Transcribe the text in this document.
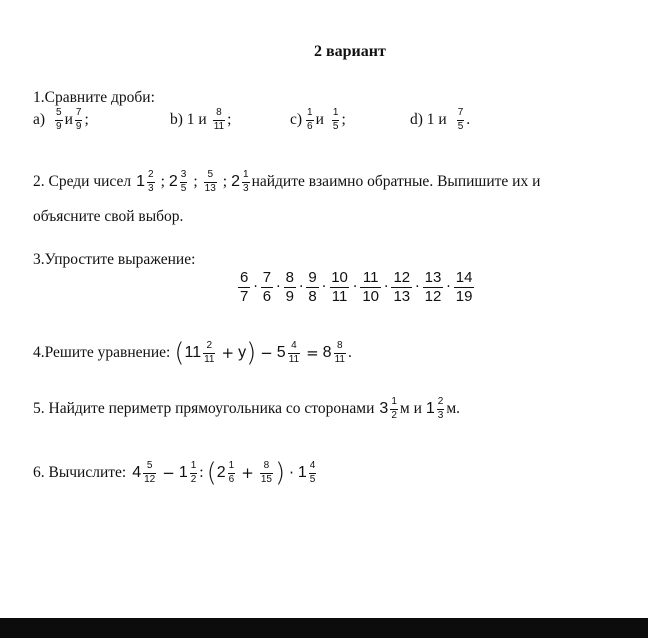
2 вариант
1.Сравните дроби:
$а) \frac{5}{9}$ и $\frac{7}{9}$ ;	b) 1 и $\frac{8}{11}$ ;	$с) \frac{1}{6}$ и $\frac{1}{5}$ ;	d) 1 и $\frac{7}{5}$ .
2. Среди чисел $1 \frac{2}{3}$ ; $2 \frac{3}{5}$ ; $\frac{5}{13}$ ; $2 \frac{1}{3}$ найдите взаимно обратные. Выпишите их и
объясните свой выбор.
3.Упростите выражение:
$\frac{6}{7} \cdot \frac{7}{6} \cdot \frac{8}{9} \cdot \frac{9}{8} \cdot \frac{10}{11} \cdot \frac{11}{10} \cdot \frac{12}{13} \cdot \frac{13}{12} \cdot \frac{14}{19}$
4.Решите уравнение: ( $11 \frac{2}{11} + y$ ) − $5 \frac{4}{11} = 8 \frac{8}{11}$ .
5. Найдите периметр прямоугольника со сторонами $3 \frac{1}{2}$ м и $1 \frac{2}{3} м$.
6. Вычислите: $4 \frac{5}{12} - 1 \frac{1}{2}$ : ( $2 \frac{1}{6} + \frac{8}{15}$ ) · $1 \frac{4}{5}$
